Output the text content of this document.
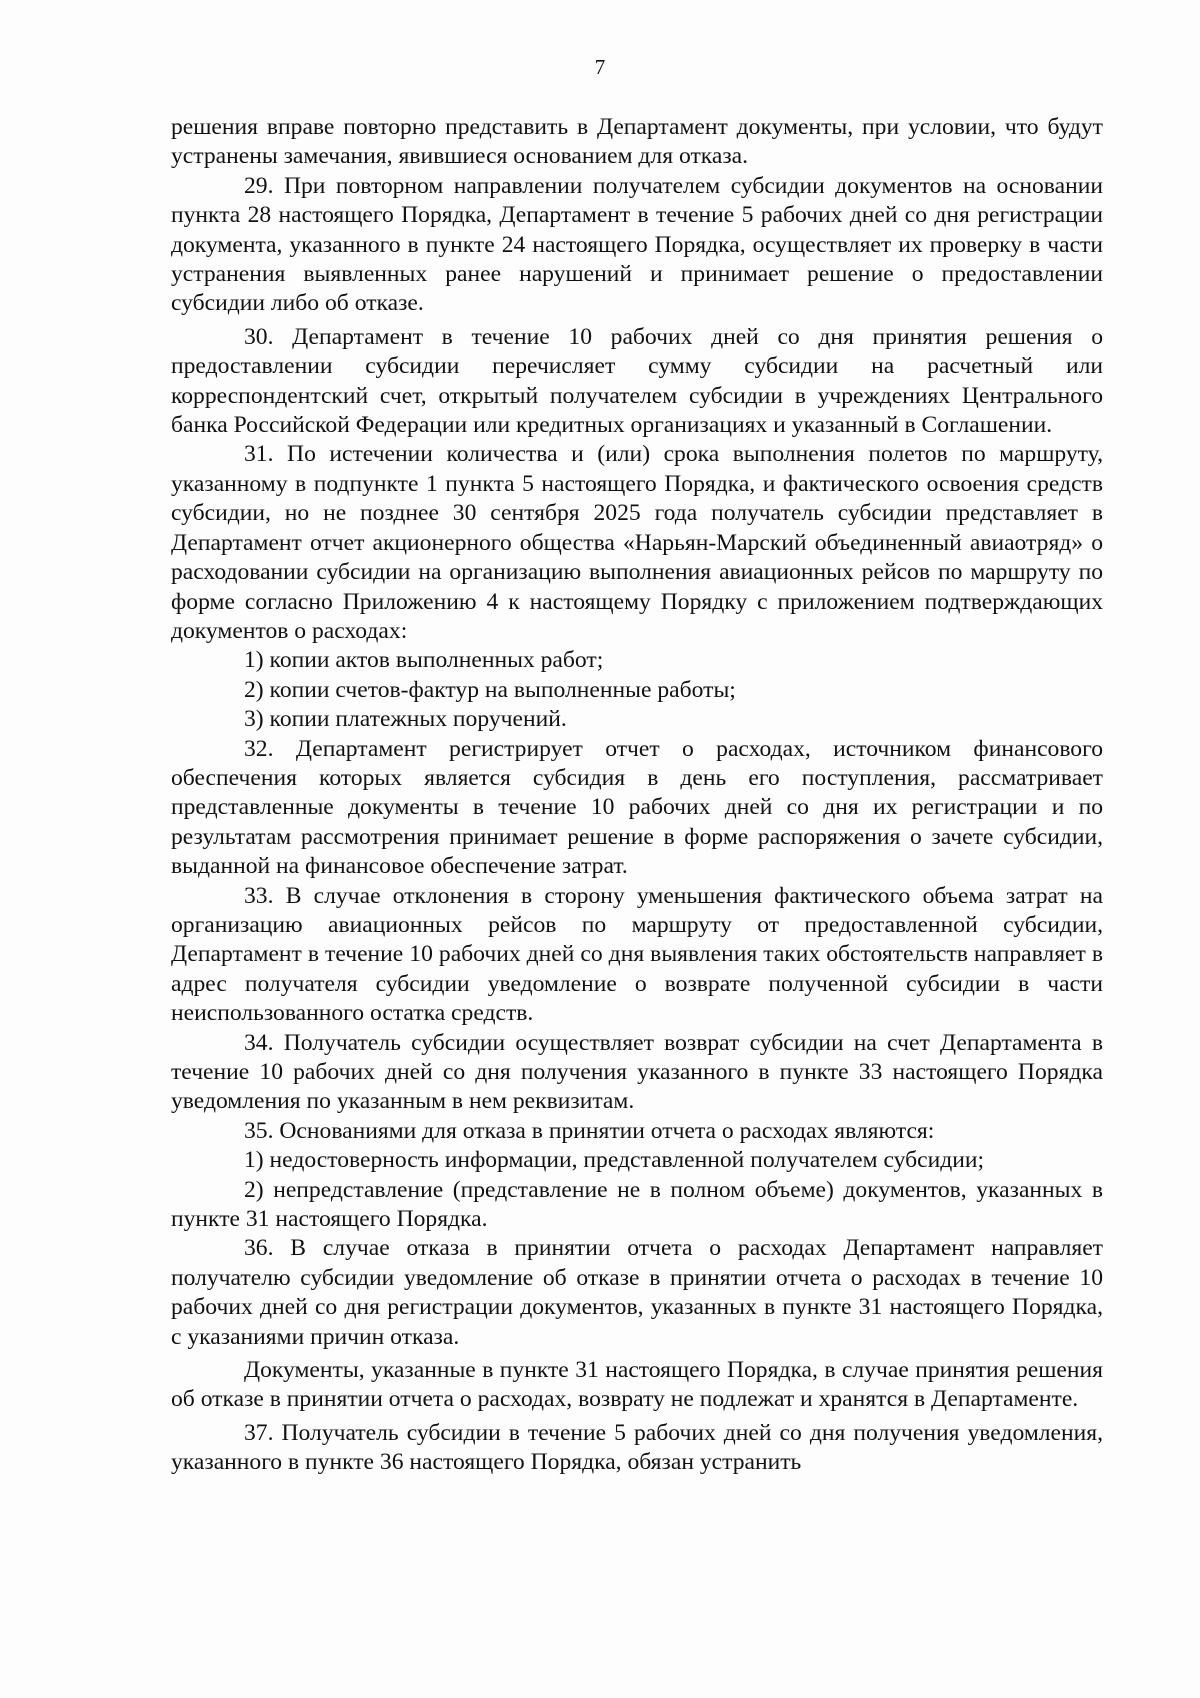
7

решения вправе повторно представить в Департамент документы, при условии, что будут устранены замечания, явившиеся основанием для отказа.

29. При повторном направлении получателем субсидии документов на основании пункта 28 настоящего Порядка, Департамент в течение 5 рабочих дней со дня регистрации документа, указанного в пункте 24 настоящего Порядка, осуществляет их проверку в части устранения выявленных ранее нарушений и принимает решение о предоставлении субсидии либо об отказе.

30. Департамент в течение 10 рабочих дней со дня принятия решения о предоставлении субсидии перечисляет сумму субсидии на расчетный или корреспондентский счет, открытый получателем субсидии в учреждениях Центрального банка Российской Федерации или кредитных организациях и указанный в Соглашении.

31. По истечении количества и (или) срока выполнения полетов по маршруту, указанному в подпункте 1 пункта 5 настоящего Порядка, и фактического освоения средств субсидии, но не позднее 30 сентября 2025 года получатель субсидии представляет в Департамент отчет акционерного общества «Нарьян-Марский объединенный авиаотряд» о расходовании субсидии на организацию выполнения авиационных рейсов по маршруту по форме согласно Приложению 4 к настоящему Порядку с приложением подтверждающих документов о расходах:

1) копии актов выполненных работ;

2) копии счетов-фактур на выполненные работы;

3) копии платежных поручений.

32. Департамент регистрирует отчет о расходах, источником финансового обеспечения которых является субсидия в день его поступления, рассматривает представленные документы в течение 10 рабочих дней со дня их регистрации и по результатам рассмотрения принимает решение в форме распоряжения о зачете субсидии, выданной на финансовое обеспечение затрат.

33. В случае отклонения в сторону уменьшения фактического объема затрат на организацию авиационных рейсов по маршруту от предоставленной субсидии, Департамент в течение 10 рабочих дней со дня выявления таких обстоятельств направляет в адрес получателя субсидии уведомление о возврате полученной субсидии в части неиспользованного остатка средств.

34. Получатель субсидии осуществляет возврат субсидии на счет Департамента в течение 10 рабочих дней со дня получения указанного в пункте 33 настоящего Порядка уведомления по указанным в нем реквизитам.

35. Основаниями для отказа в принятии отчета о расходах являются:

1) недостоверность информации, представленной получателем субсидии;

2) непредставление (представление не в полном объеме) документов, указанных в пункте 31 настоящего Порядка.

36. В случае отказа в принятии отчета о расходах Департамент направляет получателю субсидии уведомление об отказе в принятии отчета о расходах в течение 10 рабочих дней со дня регистрации документов, указанных в пункте 31 настоящего Порядка, с указаниями причин отказа.

Документы, указанные в пункте 31 настоящего Порядка, в случае принятия решения об отказе в принятии отчета о расходах, возврату не подлежат и хранятся в Департаменте.

37. Получатель субсидии в течение 5 рабочих дней со дня получения уведомления, указанного в пункте 36 настоящего Порядка, обязан устранить
